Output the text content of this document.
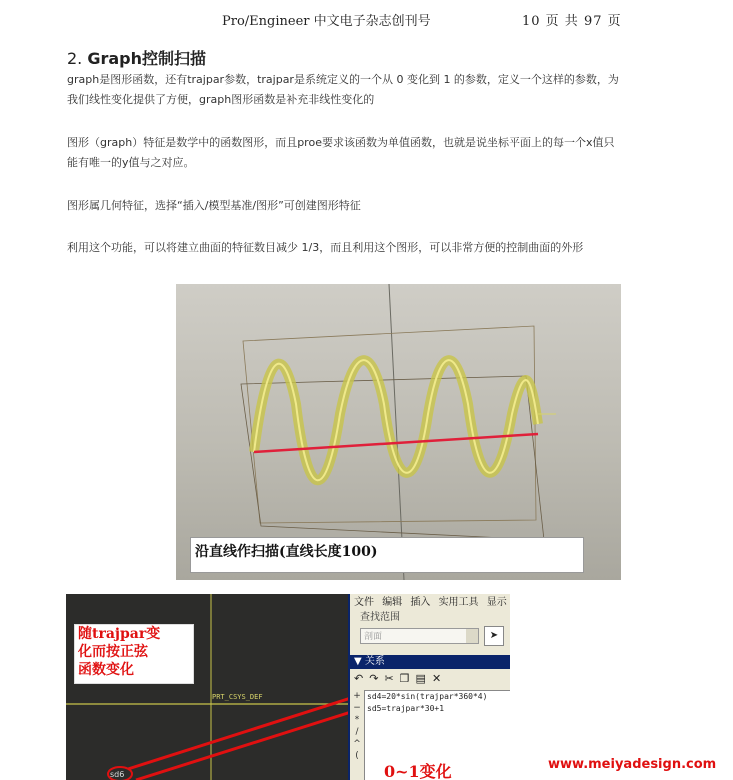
Pro/Engineer 中文电子杂志创刊号	10 页 共 97 页
2. Graph控制扫描
graph是图形函数，还有trajpar参数，trajpar是系统定义的一个从 0 变化到 1 的参数，定义一个这样的参数，为我们线性变化提供了方便，graph图形函数是补充非线性变化的
图形（graph）特征是数学中的函数图形，而且proe要求该函数为单值函数，也就是说坐标平面上的每一个x值只能有唯一的y值与之对应。
图形属几何特征，选择“插入/模型基准/图形”可创建图形特征
利用这个功能，可以将建立曲面的特征数目减少 1/3，而且利用这个图形，可以非常方便的控制曲面的外形
沿直线作扫描(直线长度100)
PRT_CSYS_DEF
sd6
随trajpar变
化而按正弦
函数变化
文件 编辑 插入 实用工具 显示
查找范围
剖面	➤
▼ 关系
↶↷✂❐▤✕
+
−
*
/
^
(
sd4=20*sin(trajpar*360*4)
sd5=trajpar*30+1
0~1变化	www.meiyadesign.com
